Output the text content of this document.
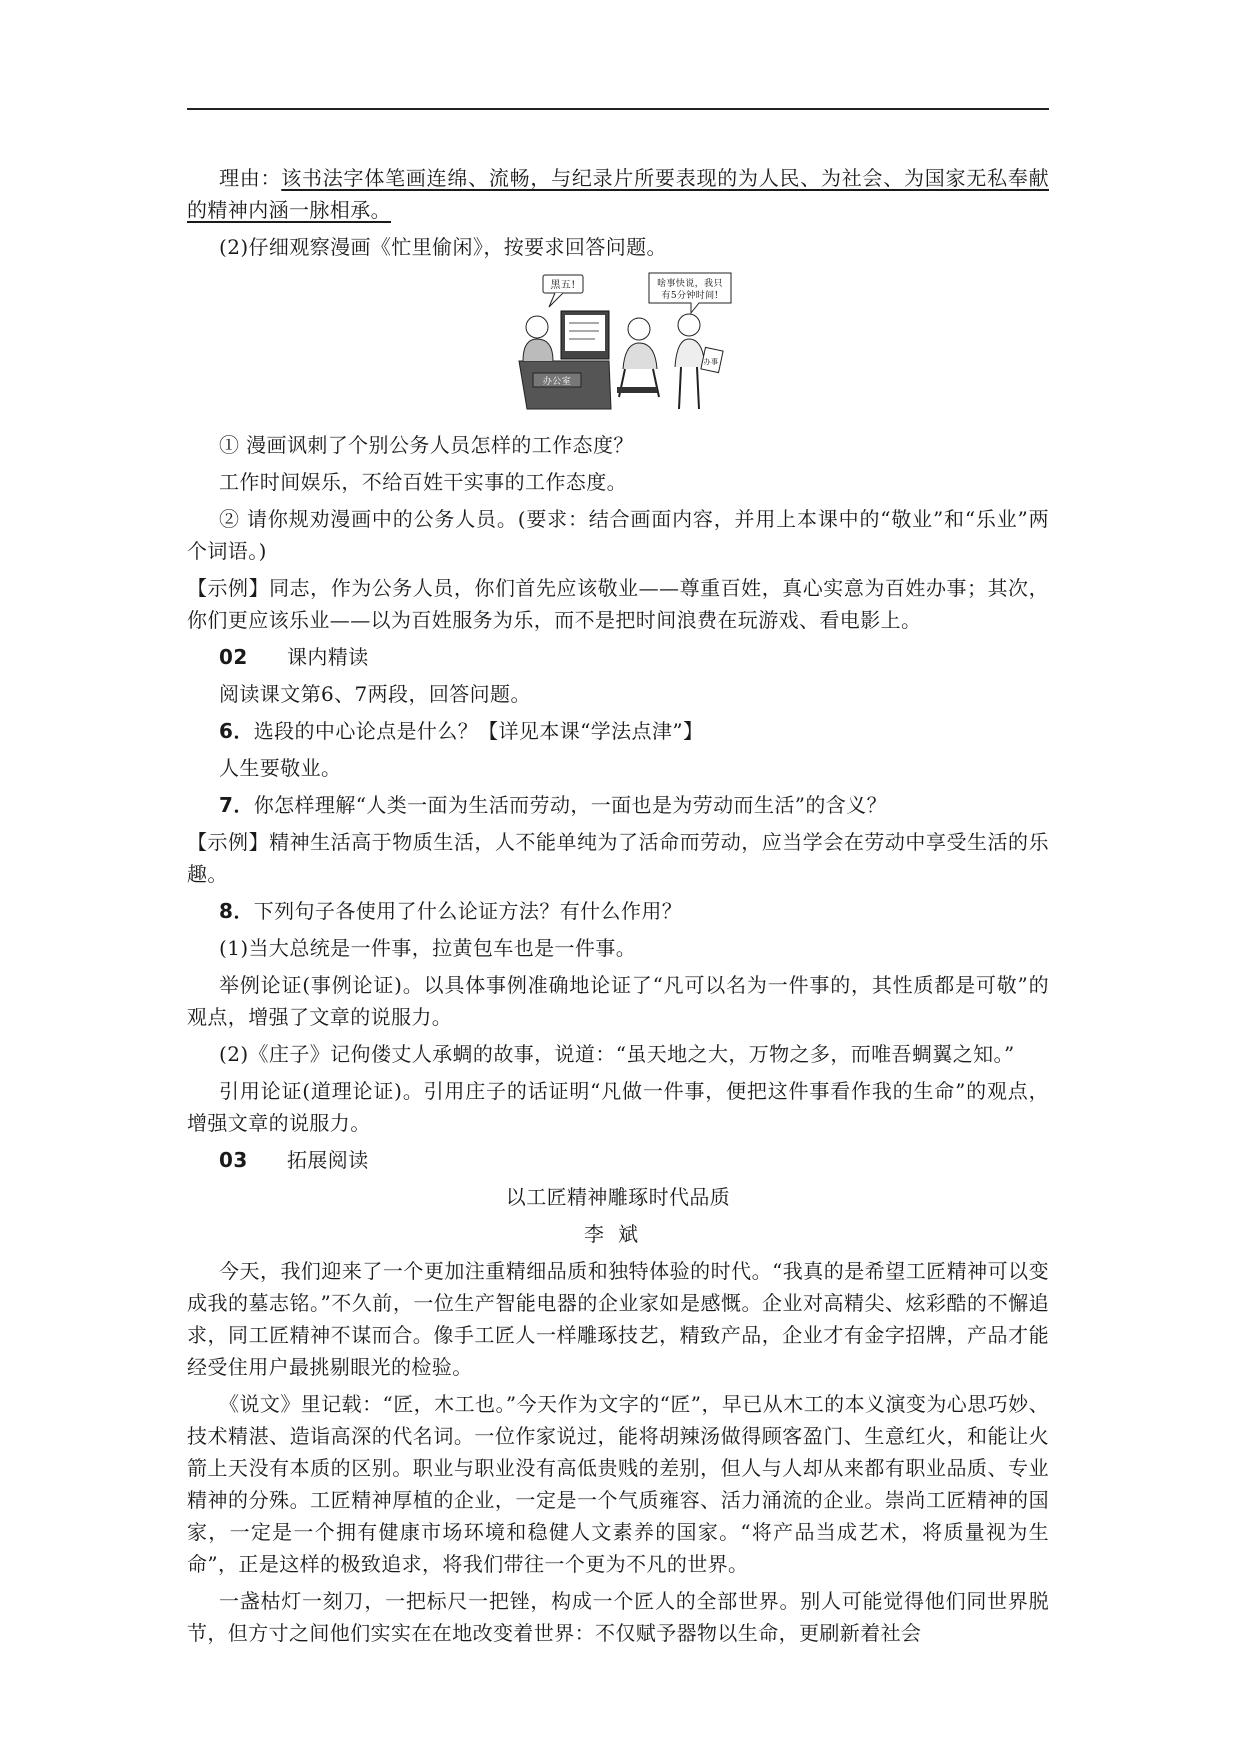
理由：该书法字体笔画连绵、流畅，与纪录片所要表现的为人民、为社会、为国家无私奉献的精神内涵一脉相承。

(2)仔细观察漫画《忙里偷闲》，按要求回答问题。

办公室
黑五!
办事
啥事快说，我只
有5分钟时间!

① 漫画讽刺了个别公务人员怎样的工作态度？

工作时间娱乐，不给百姓干实事的工作态度。

② 请你规劝漫画中的公务人员。(要求：结合画面内容，并用上本课中的“敬业”和“乐业”两个词语。)

【示例】同志，作为公务人员，你们首先应该敬业——尊重百姓，真心实意为百姓办事；其次，你们更应该乐业——以为百姓服务为乐，而不是把时间浪费在玩游戏、看电影上。

02 课内精读

阅读课文第6、7两段，回答问题。

6．选段的中心论点是什么？【详见本课“学法点津”】

人生要敬业。

7．你怎样理解“人类一面为生活而劳动，一面也是为劳动而生活”的含义？

【示例】精神生活高于物质生活，人不能单纯为了活命而劳动，应当学会在劳动中享受生活的乐趣。

8．下列句子各使用了什么论证方法？有什么作用？

(1)当大总统是一件事，拉黄包车也是一件事。

举例论证(事例论证)。以具体事例准确地论证了“凡可以名为一件事的，其性质都是可敬”的观点，增强了文章的说服力。

(2)《庄子》记佝偻丈人承蜩的故事，说道：“虽天地之大，万物之多，而唯吾蜩翼之知。”

引用论证(道理论证)。引用庄子的话证明“凡做一件事，便把这件事看作我的生命”的观点，增强文章的说服力。

03 拓展阅读

以工匠精神雕琢时代品质

李斌

今天，我们迎来了一个更加注重精细品质和独特体验的时代。“我真的是希望工匠精神可以变成我的墓志铭。”不久前，一位生产智能电器的企业家如是感慨。企业对高精尖、炫彩酷的不懈追求，同工匠精神不谋而合。像手工匠人一样雕琢技艺，精致产品，企业才有金字招牌，产品才能经受住用户最挑剔眼光的检验。

《说文》里记载：“匠，木工也。”今天作为文字的“匠”，早已从木工的本义演变为心思巧妙、技术精湛、造诣高深的代名词。一位作家说过，能将胡辣汤做得顾客盈门、生意红火，和能让火箭上天没有本质的区别。职业与职业没有高低贵贱的差别，但人与人却从来都有职业品质、专业精神的分殊。工匠精神厚植的企业，一定是一个气质雍容、活力涌流的企业。崇尚工匠精神的国家，一定是一个拥有健康市场环境和稳健人文素养的国家。“将产品当成艺术，将质量视为生命”，正是这样的极致追求，将我们带往一个更为不凡的世界。

一盏枯灯一刻刀，一把标尺一把锉，构成一个匠人的全部世界。别人可能觉得他们同世界脱节，但方寸之间他们实实在在地改变着世界：不仅赋予器物以生命，更刷新着社会
